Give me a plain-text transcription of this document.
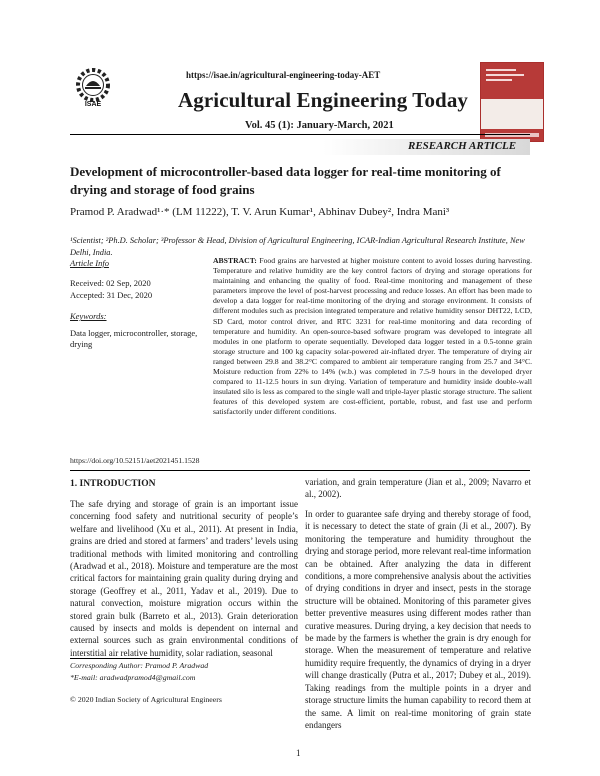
ISAE
https://isae.in/agricultural-engineering-today-AET
Agricultural Engineering Today
Vol. 45 (1): January-March, 2021
RESEARCH ARTICLE
Development of microcontroller-based data logger for real-time monitoring of drying and storage of food grains
Pramod P. Aradwad¹·* (LM 11222), T. V. Arun Kumar¹, Abhinav Dubey², Indra Mani³
¹Scientist; ²Ph.D. Scholar; ³Professor & Head, Division of Agricultural Engineering, ICAR-Indian Agricultural Research Institute, New Delhi, India.
Article Info
Received: 02 Sep, 2020
Accepted: 31 Dec, 2020
Keywords:
Data logger, microcontroller, storage, drying
https://doi.org/10.52151/aet2021451.1528
ABSTRACT: Food grains are harvested at higher moisture content to avoid losses during harvesting. Temperature and relative humidity are the key control factors of drying and storage operations for maintaining and enhancing the quality of food. Real-time monitoring and management of these parameters improve the level of post-harvest processing and reduce losses. An effort has been made to develop a data logger for real-time monitoring of the drying and storage environment. It consists of different modules such as precision integrated temperature and relative humidity sensor DHT22, LCD, SD Card, motor control driver, and RTC 3231 for real-time monitoring and data recording of temperature and humidity. An open-source-based software program was developed to integrate all modules in one platform to operate sequentially. Developed data logger tested in a 0.5-tonne grain storage structure and 100 kg capacity solar-powered air-inflated dryer. The temperature of drying air ranged between 29.8 and 38.2°C compared to ambient air temperature ranging from 25.7 and 34°C. Moisture reduction from 22% to 14% (w.b.) was completed in 7.5-9 hours in the developed dryer compared to 11-12.5 hours in sun drying. Variation of temperature and humidity inside double-wall insulated silo is less as compared to the single wall and triple-layer plastic storage structure. The salient features of this developed system are cost-efficient, portable, robust, and fast use and perform satisfactorily under different conditions.
1. INTRODUCTION
The safe drying and storage of grain is an important issue concerning food safety and nutritional security of people’s welfare and livelihood (Xu et al., 2011). At present in India, grains are dried and stored at farmers’ and traders’ levels using traditional methods with limited monitoring and controlling (Aradwad et al., 2018). Moisture and temperature are the most critical factors for maintaining grain quality during drying and storage (Geoffrey et al., 2011, Yadav et al., 2019). Due to natural convection, moisture migration occurs within the stored grain bulk (Barreto et al., 2013). Grain deterioration caused by insects and molds is dependent on internal and external sources such as grain environmental conditions of interstitial air relative humidity, solar radiation, seasonal
variation, and grain temperature (Jian et al., 2009; Navarro et al., 2002).
In order to guarantee safe drying and thereby storage of food, it is necessary to detect the state of grain (Ji et al., 2007). By monitoring the temperature and humidity throughout the drying and storage period, more relevant real-time information can be obtained. After analyzing the data in different conditions, a more comprehensive analysis about the activities of drying conditions in dryer and insect, pests in the storage structure will be obtained. Monitoring of this parameter gives better preventive measures using different modes rather than curative measures. During drying, a key decision that needs to be made by the farmers is whether the grain is dry enough for storage. When the measurement of temperature and relative humidity require frequently, the dynamics of drying in a dryer will change drastically (Putra et al., 2017; Dubey et al., 2019). Taking readings from the multiple points in a dryer and storage structure limits the human capability to record them at the same. A limit on real-time monitoring of grain state endangers
Corresponding Author: Pramod P. Aradwad
*E-mail: aradwadpramod4@gmail.com
© 2020 Indian Society of Agricultural Engineers
1
